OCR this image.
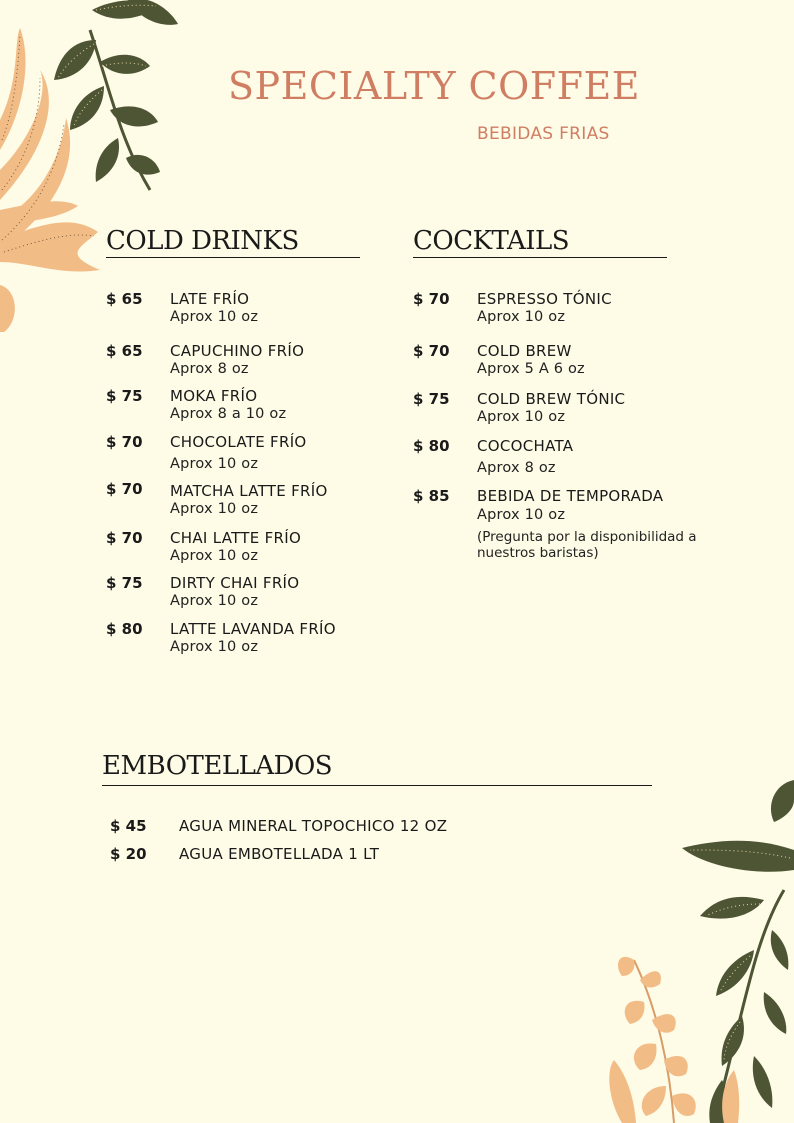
SPECIALTY COFFEE
BEBIDAS FRIAS
COLD DRINKS
$ 65 LATE FRÍO
Aprox 10 oz
$ 65 CAPUCHINO FRÍO
Aprox 8 oz
$ 75 MOKA FRÍO
Aprox 8 a 10 oz
$ 70 CHOCOLATE FRÍO
Aprox 10 oz
$ 70 MATCHA LATTE FRÍO
Aprox 10 oz
$ 70 CHAI LATTE FRÍO
Aprox 10 oz
$ 75 DIRTY CHAI FRÍO
Aprox 10 oz
$ 80 LATTE LAVANDA FRÍO
Aprox 10 oz
COCKTAILS
$ 70 ESPRESSO TÓNIC
Aprox 10 oz
$ 70 COLD BREW
Aprox 5 A 6 oz
$ 75 COLD BREW TÓNIC
Aprox 10 oz
$ 80 COCOCHATA
Aprox 8 oz
$ 85 BEBIDA DE TEMPORADA
Aprox 10 oz
(Pregunta por la disponibilidad a nuestros baristas)
EMBOTELLADOS
$ 45 AGUA MINERAL TOPOCHICO 12 OZ
$ 20 AGUA EMBOTELLADA 1 LT
